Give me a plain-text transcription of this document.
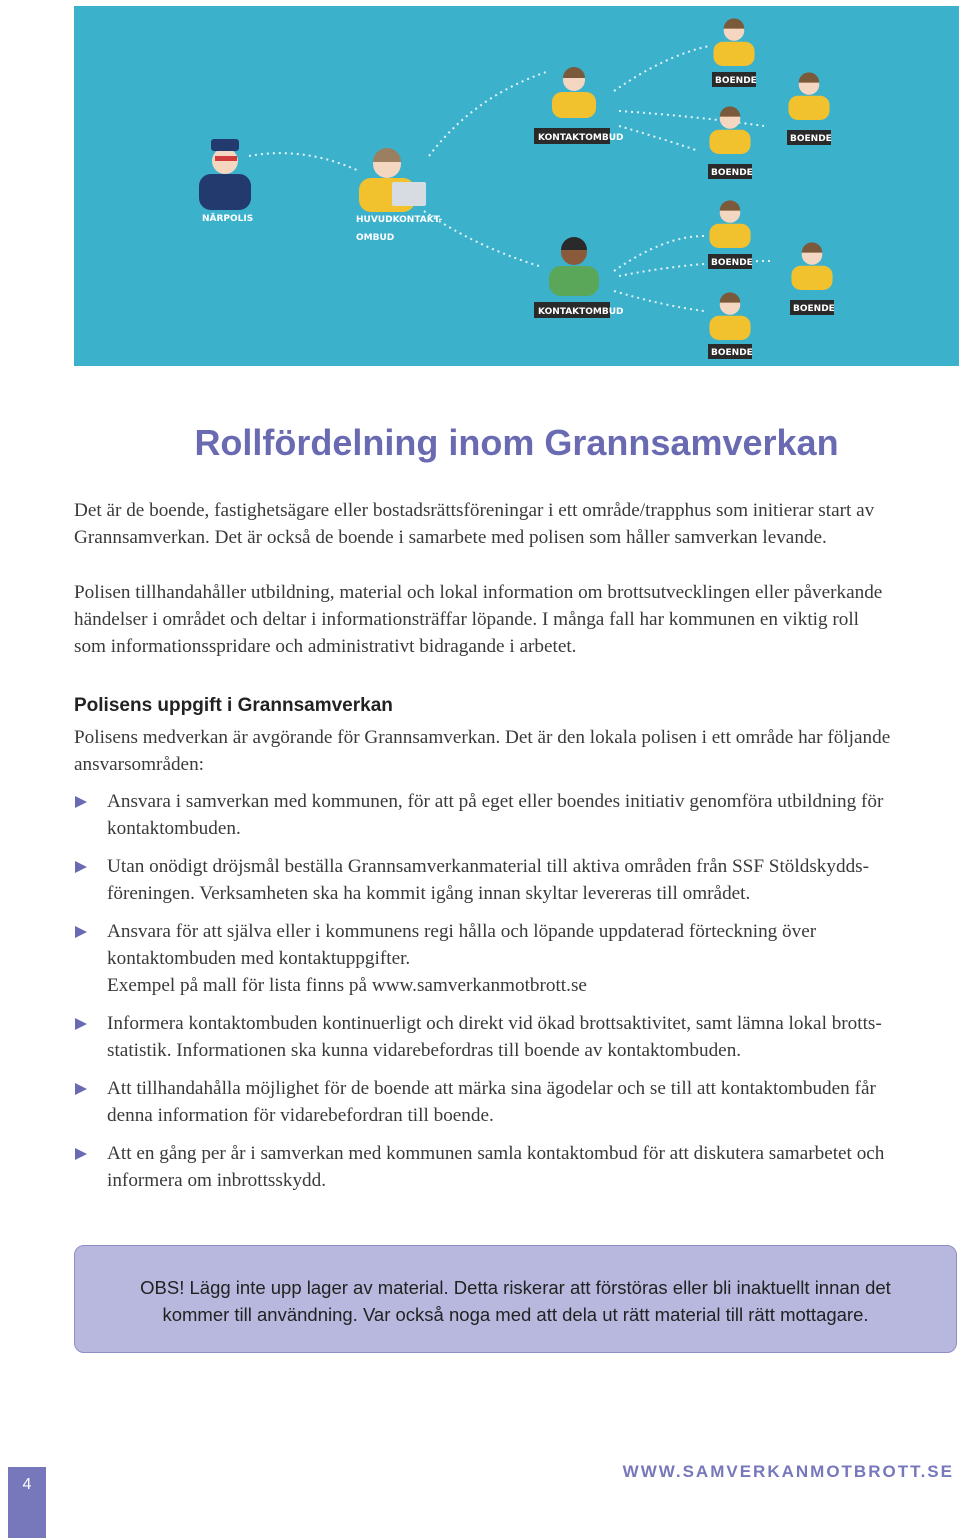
NÄRPOLIS	HUVUDKONTAKT-
OMBUD
KONTAKTOMBUD
KONTAKTOMBUD
BOENDE
BOENDE
BOENDE
BOENDE
BOENDE
BOENDE
Rollfördelning inom Grannsamverkan

Det är de boende, fastighetsägare eller bostadsrättsföreningar i ett område/trapphus som initierar start av
Grannsamverkan. Det är också de boende i samarbete med polisen som håller samverkan levande.

Polisen tillhandahåller utbildning, material och lokal information om brottsutvecklingen eller påverkande
händelser i området och deltar i informationsträffar löpande. I många fall har kommunen en viktig roll
som informationsspridare och administrativt bidragande i arbetet.

Polisens uppgift i Grannsamverkan

Polisens medverkan är avgörande för Grannsamverkan. Det är den lokala polisen i ett område har följande
ansvarsområden:

Ansvara i samverkan med kommunen, för att på eget eller boendes initiativ genomföra utbildning för
kontaktombuden.
Utan onödigt dröjsmål beställa Grannsamverkanmaterial till aktiva områden från SSF Stöldskydds-
föreningen. Verksamheten ska ha kommit igång innan skyltar levereras till området.
Ansvara för att själva eller i kommunens regi hålla och löpande uppdaterad förteckning över
kontaktombuden med kontaktuppgifter.
Exempel på mall för lista finns på www.samverkanmotbrott.se
Informera kontaktombuden kontinuerligt och direkt vid ökad brottsaktivitet, samt lämna lokal brotts-
statistik. Informationen ska kunna vidarebefordras till boende av kontaktombuden.
Att tillhandahålla möjlighet för de boende att märka sina ägodelar och se till att kontaktombuden får
denna information för vidarebefordran till boende.
Att en gång per år i samverkan med kommunen samla kontaktombud för att diskutera samarbetet och
informera om inbrottsskydd.
OBS! Lägg inte upp lager av material. Detta riskerar att förstöras eller bli inaktuellt innan det
kommer till användning. Var också noga med att dela ut rätt material till rätt mottagare.
4
WWW.SAMVERKANMOTBROTT.SE
